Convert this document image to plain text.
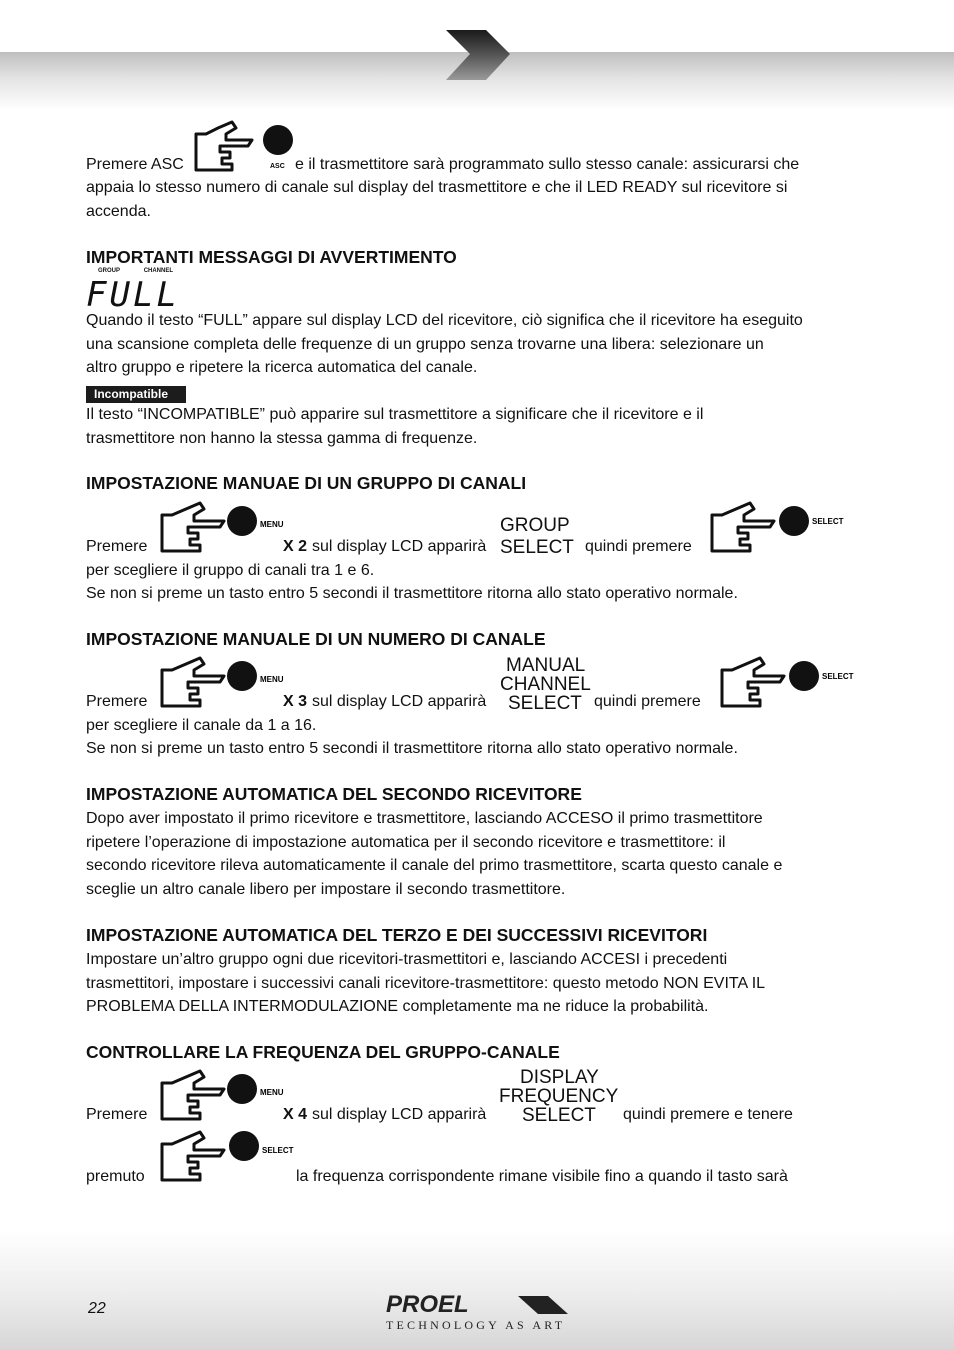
ASC
Premere ASC	e il trasmettitore sarà programmato sullo stesso canale: assicurarsi che
appaia lo stesso numero di canale sul display del trasmettitore e che il LED READY sul ricevitore si
accenda.
IMPORTANTI MESSAGGI DI AVVERTIMENTO
GROUP	CHANNEL
FULL

Quando il testo “FULL” appare sul display LCD del ricevitore, ciò significa che il ricevitore ha eseguito

una scansione completa delle frequenze di un gruppo senza trovarne una libera: selezionare un

altro gruppo e ripetere la ricerca automatica del canale.

Incompatible

Il testo “INCOMPATIBLE” può apparire sul trasmettitore a significare che il ricevitore e il

trasmettitore non hanno la stessa gamma di frequenze.

IMPOSTAZIONE MANUAE DI UN GRUPPO DI CANALI
MENU
Premere	X 2 sul display LCD apparirà
GROUP
SELECT quindi premere
SELECT
per scegliere il gruppo di canali tra 1 e 6.
Se non si preme un tasto entro 5 secondi il trasmettitore ritorna allo stato operativo normale.
IMPOSTAZIONE MANUALE DI UN NUMERO DI CANALE
MENU
Premere	X 3 sul display LCD apparirà
MANUAL
CHANNEL
SELECT quindi premere
SELECT
per scegliere il canale da 1 a 16.
Se non si preme un tasto entro 5 secondi il trasmettitore ritorna allo stato operativo normale.
IMPOSTAZIONE AUTOMATICA DEL SECONDO RICEVITORE

Dopo aver impostato il primo ricevitore e trasmettitore, lasciando ACCESO il primo trasmettitore

ripetere l’operazione di impostazione automatica per il secondo ricevitore e trasmettitore: il

secondo ricevitore rileva automaticamente il canale del primo trasmettitore, scarta questo canale e

sceglie un altro canale libero per impostare il secondo trasmettitore.

IMPOSTAZIONE AUTOMATICA DEL TERZO E DEI SUCCESSIVI RICEVITORI

Impostare un’altro gruppo ogni due ricevitori-trasmettitori e, lasciando ACCESI i precedenti

trasmettitori, impostare i successivi canali ricevitore-trasmettitore: questo metodo NON EVITA IL

PROBLEMA DELLA INTERMODULAZIONE completamente ma ne riduce la probabilità.

CONTROLLARE LA FREQUENZA DEL GRUPPO-CANALE
MENU
Premere	X 4 sul display LCD apparirà
DISPLAY
FREQUENCY
SELECT quindi premere e tenere
premuto
SELECT
la frequenza corrispondente rimane visibile fino a quando il tasto sarà
22	PROEL
TECHNOLOGY AS ART
